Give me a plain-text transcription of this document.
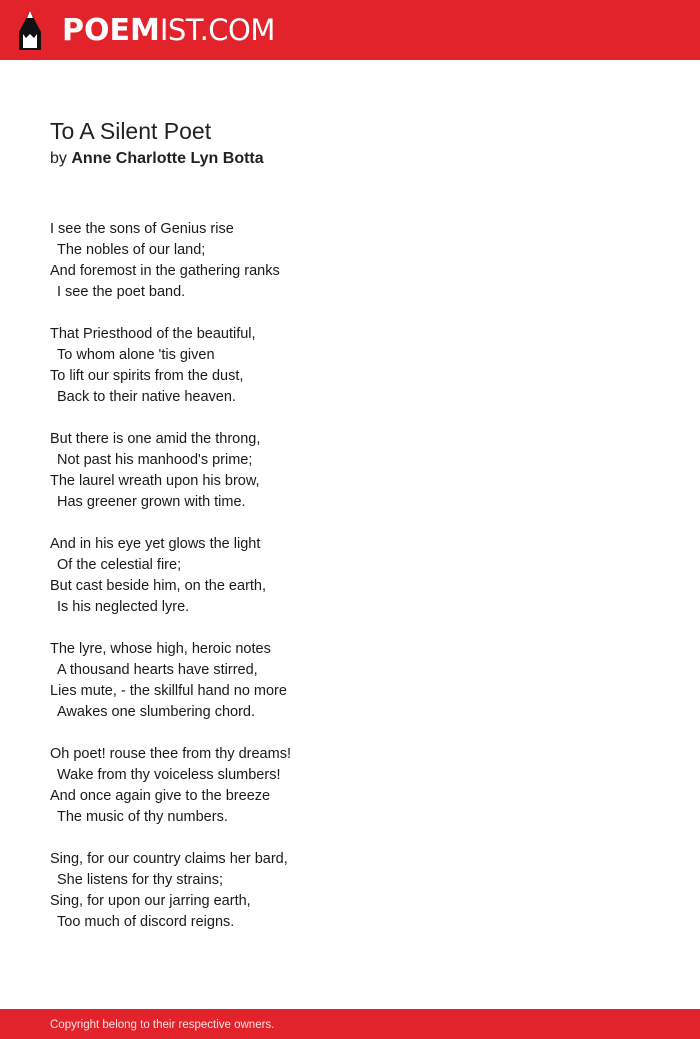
POEMIST.COM
To A Silent Poet
by Anne Charlotte Lyn Botta
I see the sons of Genius rise
The nobles of our land;
And foremost in the gathering ranks
I see the poet band.
That Priesthood of the beautiful,
To whom alone 'tis given
To lift our spirits from the dust,
Back to their native heaven.
But there is one amid the throng,
Not past his manhood's prime;
The laurel wreath upon his brow,
Has greener grown with time.
And in his eye yet glows the light
Of the celestial fire;
But cast beside him, on the earth,
Is his neglected lyre.
The lyre, whose high, heroic notes
A thousand hearts have stirred,
Lies mute, - the skillful hand no more
Awakes one slumbering chord.
Oh poet! rouse thee from thy dreams!
Wake from thy voiceless slumbers!
And once again give to the breeze
The music of thy numbers.
Sing, for our country claims her bard,
She listens for thy strains;
Sing, for upon our jarring earth,
Too much of discord reigns.
Copyright belong to their respective owners.
